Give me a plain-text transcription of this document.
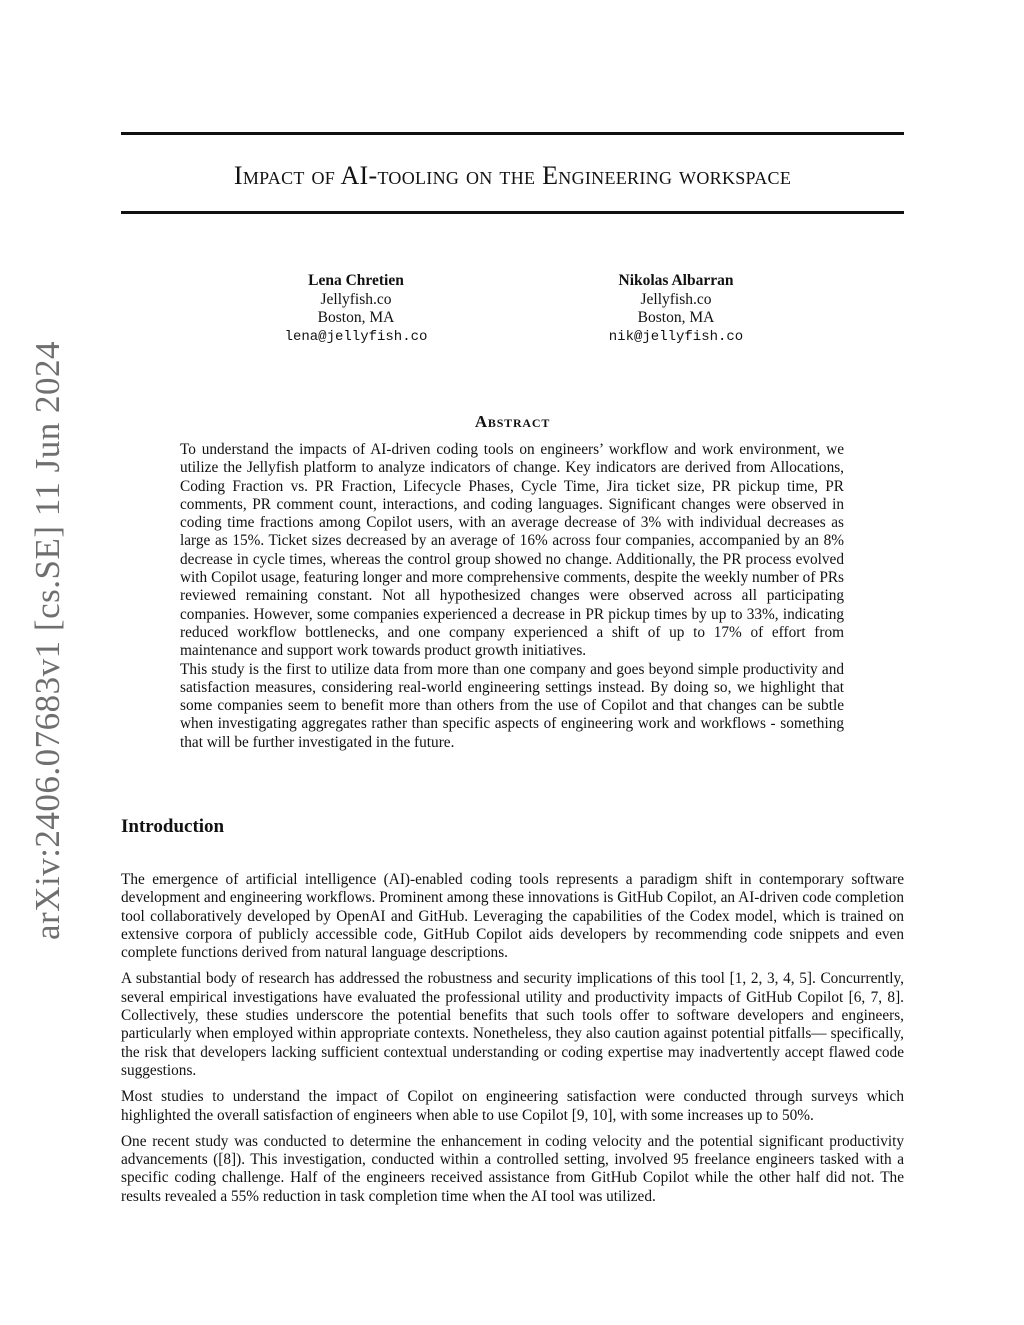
arXiv:2406.07683v1 [cs.SE] 11 Jun 2024
Impact of AI-tooling on the Engineering workspace
Lena Chretien
Jellyfish.co
Boston, MA
lena@jellyfish.co
Nikolas Albarran
Jellyfish.co
Boston, MA
nik@jellyfish.co
Abstract

To understand the impacts of AI-driven coding tools on engineers’ workflow and work environment, we utilize the Jellyfish platform to analyze indicators of change. Key indicators are derived from Allocations, Coding Fraction vs. PR Fraction, Lifecycle Phases, Cycle Time, Jira ticket size, PR pickup time, PR comments, PR comment count, interactions, and coding languages. Significant changes were observed in coding time fractions among Copilot users, with an average decrease of 3% with individual decreases as large as 15%. Ticket sizes decreased by an average of 16% across four companies, accompanied by an 8% decrease in cycle times, whereas the control group showed no change. Additionally, the PR process evolved with Copilot usage, featuring longer and more comprehensive comments, despite the weekly number of PRs reviewed remaining constant. Not all hypothesized changes were observed across all participating companies. However, some companies experienced a decrease in PR pickup times by up to 33%, indicating reduced workflow bottlenecks, and one company experienced a shift of up to 17% of effort from maintenance and support work towards product growth initiatives.

This study is the first to utilize data from more than one company and goes beyond simple productivity and satisfaction measures, considering real-world engineering settings instead. By doing so, we highlight that some companies seem to benefit more than others from the use of Copilot and that changes can be subtle when investigating aggregates rather than specific aspects of engineering work and workflows - something that will be further investigated in the future.

Introduction

The emergence of artificial intelligence (AI)-enabled coding tools represents a paradigm shift in contemporary software development and engineering workflows. Prominent among these innovations is GitHub Copilot, an AI-driven code completion tool collaboratively developed by OpenAI and GitHub. Leveraging the capabilities of the Codex model, which is trained on extensive corpora of publicly accessible code, GitHub Copilot aids developers by recommending code snippets and even complete functions derived from natural language descriptions.

A substantial body of research has addressed the robustness and security implications of this tool [1, 2, 3, 4, 5]. Concurrently, several empirical investigations have evaluated the professional utility and productivity impacts of GitHub Copilot [6, 7, 8]. Collectively, these studies underscore the potential benefits that such tools offer to software developers and engineers, particularly when employed within appropriate contexts. Nonetheless, they also caution against potential pitfalls— specifically, the risk that developers lacking sufficient contextual understanding or coding expertise may inadvertently accept flawed code suggestions.

Most studies to understand the impact of Copilot on engineering satisfaction were conducted through surveys which highlighted the overall satisfaction of engineers when able to use Copilot [9, 10], with some increases up to 50%.

One recent study was conducted to determine the enhancement in coding velocity and the potential significant productivity advancements ([8]). This investigation, conducted within a controlled setting, involved 95 freelance engineers tasked with a specific coding challenge. Half of the engineers received assistance from GitHub Copilot while the other half did not. The results revealed a 55% reduction in task completion time when the AI tool was utilized.
